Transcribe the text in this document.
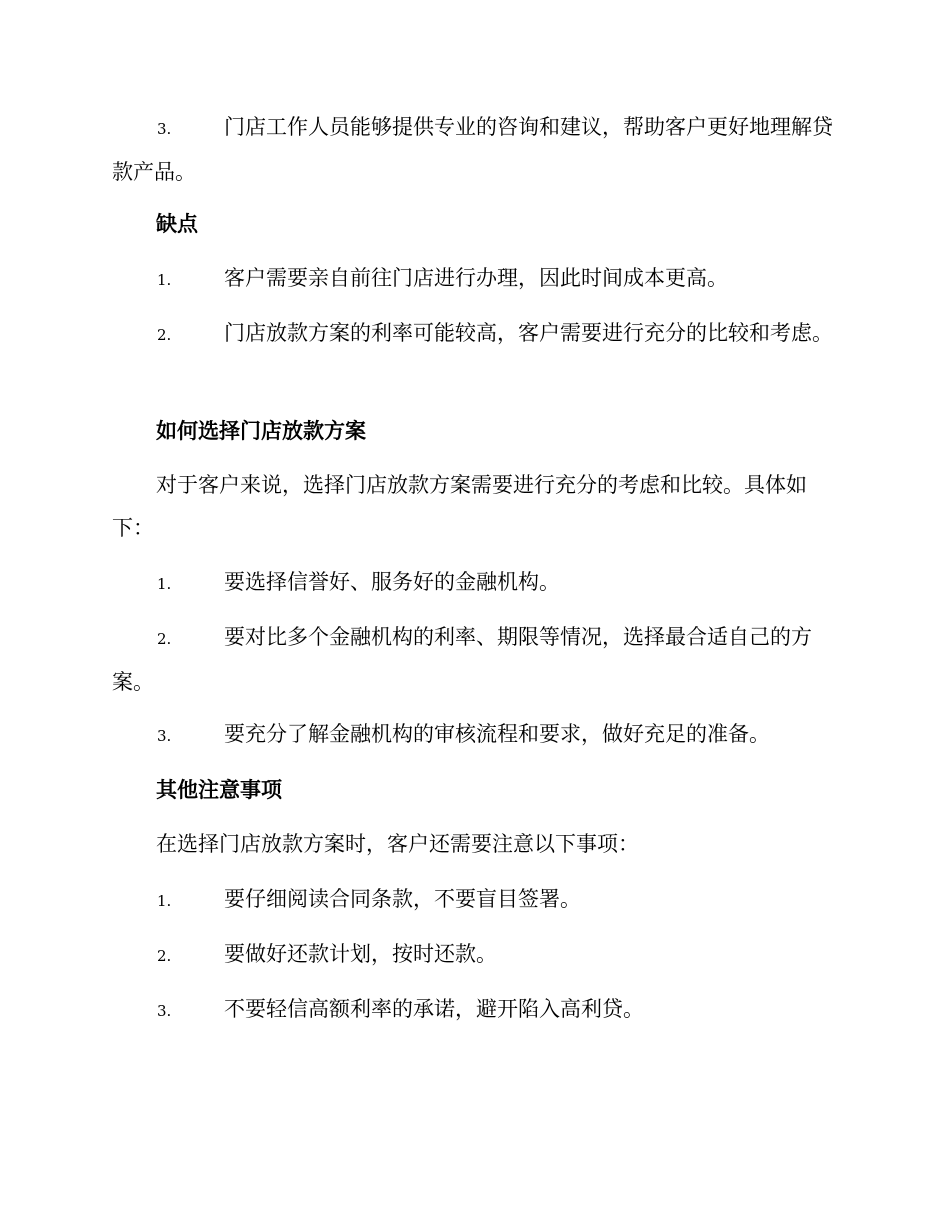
3.	门店工作人员能够提供专业的咨询和建议，帮助客户更好地理解贷款产品。
缺点
1.	客户需要亲自前往门店进行办理，因此时间成本更高。
2.	门店放款方案的利率可能较高，客户需要进行充分的比较和考虑。
如何选择门店放款方案
对于客户来说，选择门店放款方案需要进行充分的考虑和比较。具体如下：
1.	要选择信誉好、服务好的金融机构。
2.	要对比多个金融机构的利率、期限等情况，选择最合适自己的方案。
3.	要充分了解金融机构的审核流程和要求，做好充足的准备。
其他注意事项
在选择门店放款方案时，客户还需要注意以下事项：
1.	要仔细阅读合同条款，不要盲目签署。
2.	要做好还款计划，按时还款。
3.	不要轻信高额利率的承诺，避开陷入高利贷。
